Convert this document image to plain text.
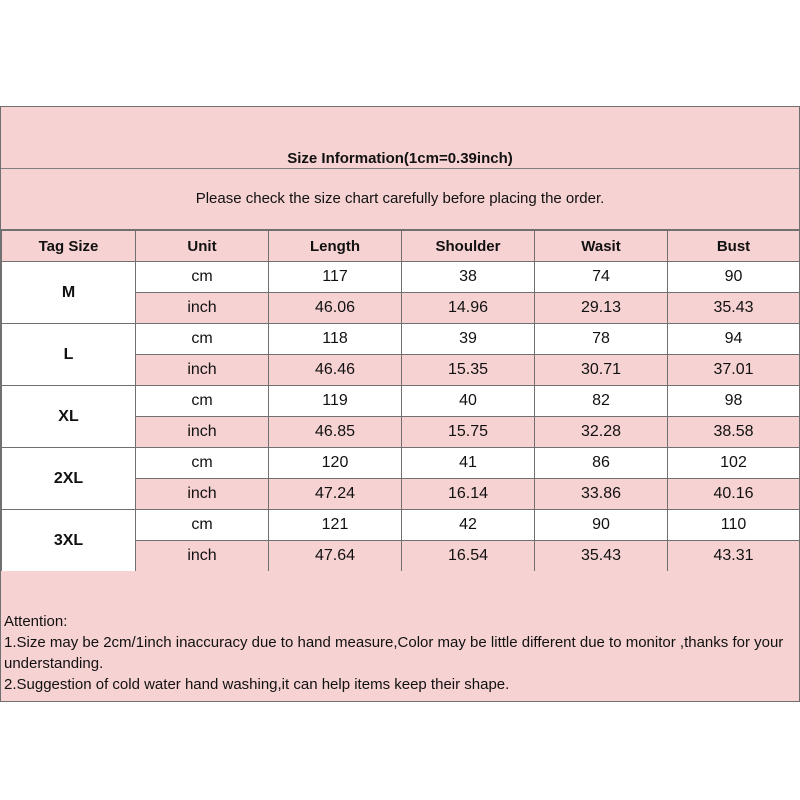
Size Information(1cm=0.39inch)
Please check the size chart carefully before placing the order.
Tag Size	Unit	Length	Shoulder	Wasit	Bust
M	cm	117	38	74	90
	inch	46.06	14.96	29.13	35.43
L	cm	118	39	78	94
	inch	46.46	15.35	30.71	37.01
XL	cm	119	40	82	98
	inch	46.85	15.75	32.28	38.58
2XL	cm	120	41	86	102
	inch	47.24	16.14	33.86	40.16
3XL	cm	121	42	90	110
	inch	47.64	16.54	35.43	43.31
Attention:
1.Size may be 2cm/1inch inaccuracy due to hand measure,Color may be little different due to monitor ,thanks for your understanding.
2.Suggestion of cold water hand washing,it can help items keep their shape.
